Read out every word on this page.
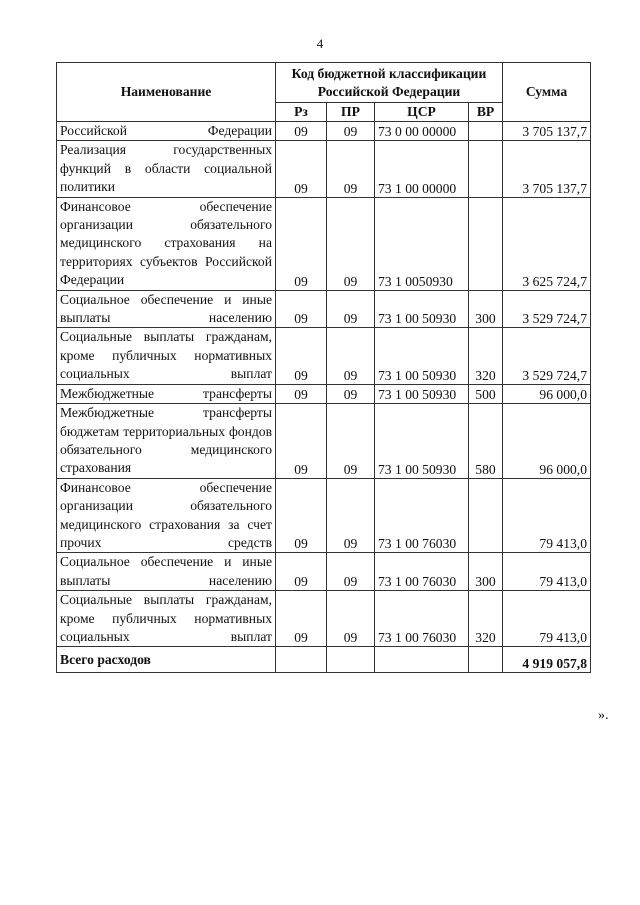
4
Наименование	Код бюджетной классификации Российской Федерации				Сумма
	Рз	ПР	ЦСР	ВР	
Российской Федерации	09	09	73 0 00 00000		3 705 137,7
Реализация государственных функций в области социальной политики	09	09	73 1 00 00000		3 705 137,7
Финансовое обеспечение организации обязательного медицинского страхования на территориях субъектов Российской Федерации	09	09	73 1 0050930		3 625 724,7
Социальное обеспечение и иные выплаты населению	09	09	73 1 00 50930	300	3 529 724,7
Социальные выплаты гражданам, кроме публичных нормативных социальных выплат	09	09	73 1 00 50930	320	3 529 724,7
Межбюджетные трансферты	09	09	73 1 00 50930	500	96 000,0
Межбюджетные трансферты бюджетам территориальных фондов обязательного медицинского страхования	09	09	73 1 00 50930	580	96 000,0
Финансовое обеспечение организации обязательного медицинского страхования за счет прочих средств	09	09	73 1 00 76030		79 413,0
Социальное обеспечение и иные выплаты населению	09	09	73 1 00 76030	300	79 413,0
Социальные выплаты гражданам, кроме публичных нормативных социальных выплат	09	09	73 1 00 76030	320	79 413,0
Всего расходов					4 919 057,8
».
